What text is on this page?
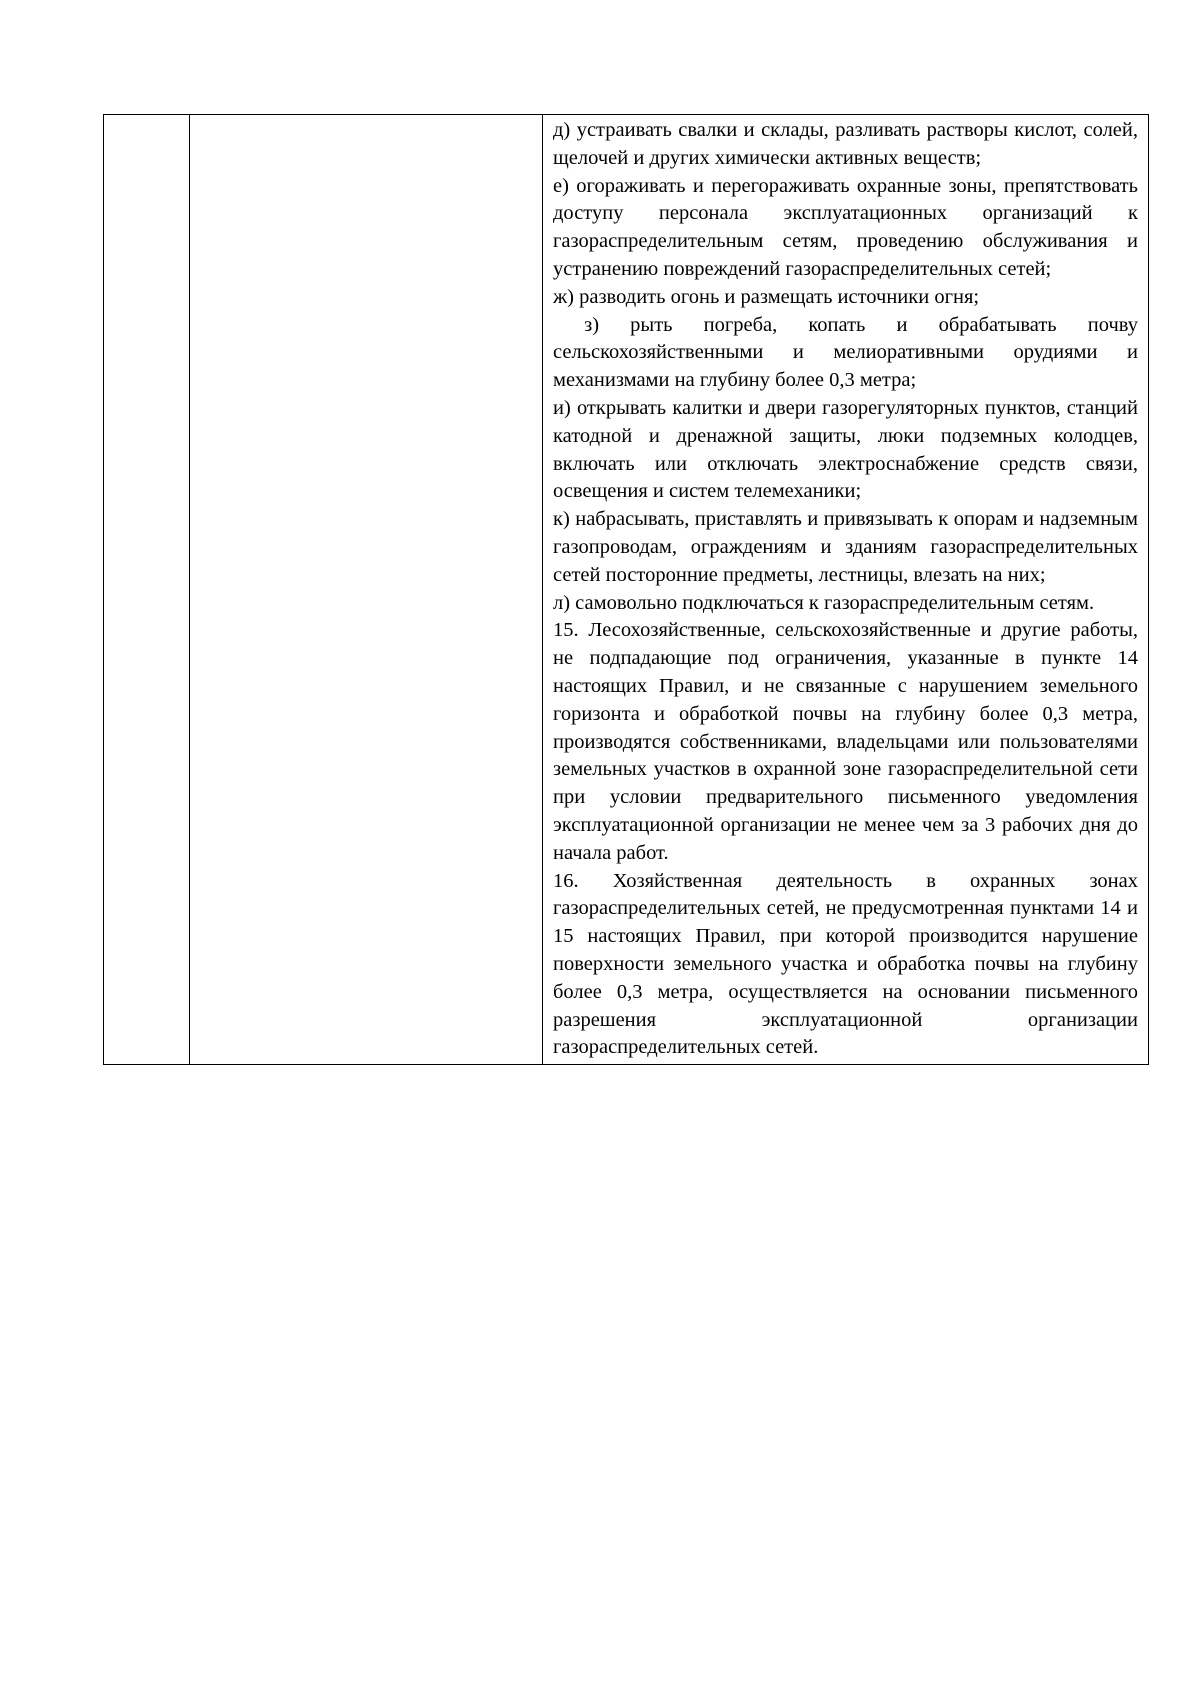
д) устраивать свалки и склады, разливать растворы кислот, солей, щелочей и других химически активных веществ;

е) огораживать и перегораживать охранные зоны, препятствовать доступу персонала эксплуатационных организаций к газораспределительным сетям, проведению обслуживания и устранению повреждений газораспределительных сетей;

ж) разводить огонь и размещать источники огня;

з) рыть погреба, копать и обрабатывать почву сельскохозяйственными и мелиоративными орудиями и механизмами на глубину более 0,3 метра;

и) открывать калитки и двери газорегуляторных пунктов, станций катодной и дренажной защиты, люки подземных колодцев, включать или отключать электроснабжение средств связи, освещения и систем телемеханики;

к) набрасывать, приставлять и привязывать к опорам и надземным газопроводам, ограждениям и зданиям газораспределительных сетей посторонние предметы, лестницы, влезать на них;

л) самовольно подключаться к газораспределительным сетям.

15. Лесохозяйственные, сельскохозяйственные и другие работы, не подпадающие под ограничения, указанные в пункте 14 настоящих Правил, и не связанные с нарушением земельного горизонта и обработкой почвы на глубину более 0,3 метра, производятся собственниками, владельцами или пользователями земельных участков в охранной зоне газораспределительной сети при условии предварительного письменного уведомления эксплуатационной организации не менее чем за 3 рабочих дня до начала работ.

16. Хозяйственная деятельность в охранных зонах газораспределительных сетей, не предусмотренная пунктами 14 и 15 настоящих Правил, при которой производится нарушение поверхности земельного участка и обработка почвы на глубину более 0,3 метра, осуществляется на основании письменного разрешения эксплуатационной организации газораспределительных сетей.
